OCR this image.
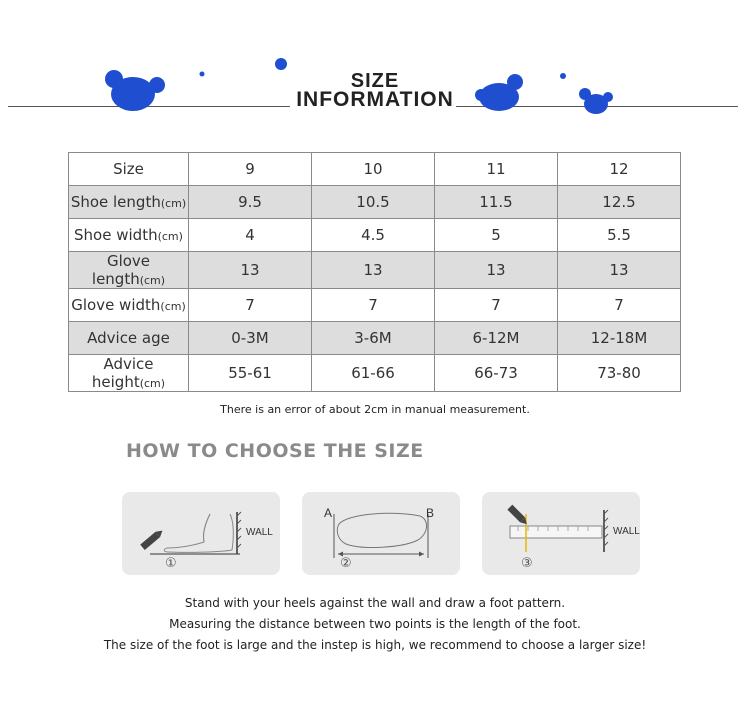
SIZE
INFORMATION
Size	9	10	11	12
Shoe length(cm)	9.5	10.5	11.5	12.5
Shoe width(cm)	4	4.5	5	5.5
Glove length(cm)	13	13	13	13
Glove width(cm)	7	7	7	7
Advice age	0-3M	3-6M	6-12M	12-18M
Advice height(cm)	55-61	61-66	66-73	73-80
There is an error of about 2cm in manual measurement.
HOW TO CHOOSE THE SIZE
WALL
①
A	B
②
WALL
③
Stand with your heels against the wall and draw a foot pattern.
Measuring the distance between two points is the length of the foot.
The size of the foot is large and the instep is high, we recommend to choose a larger size!
